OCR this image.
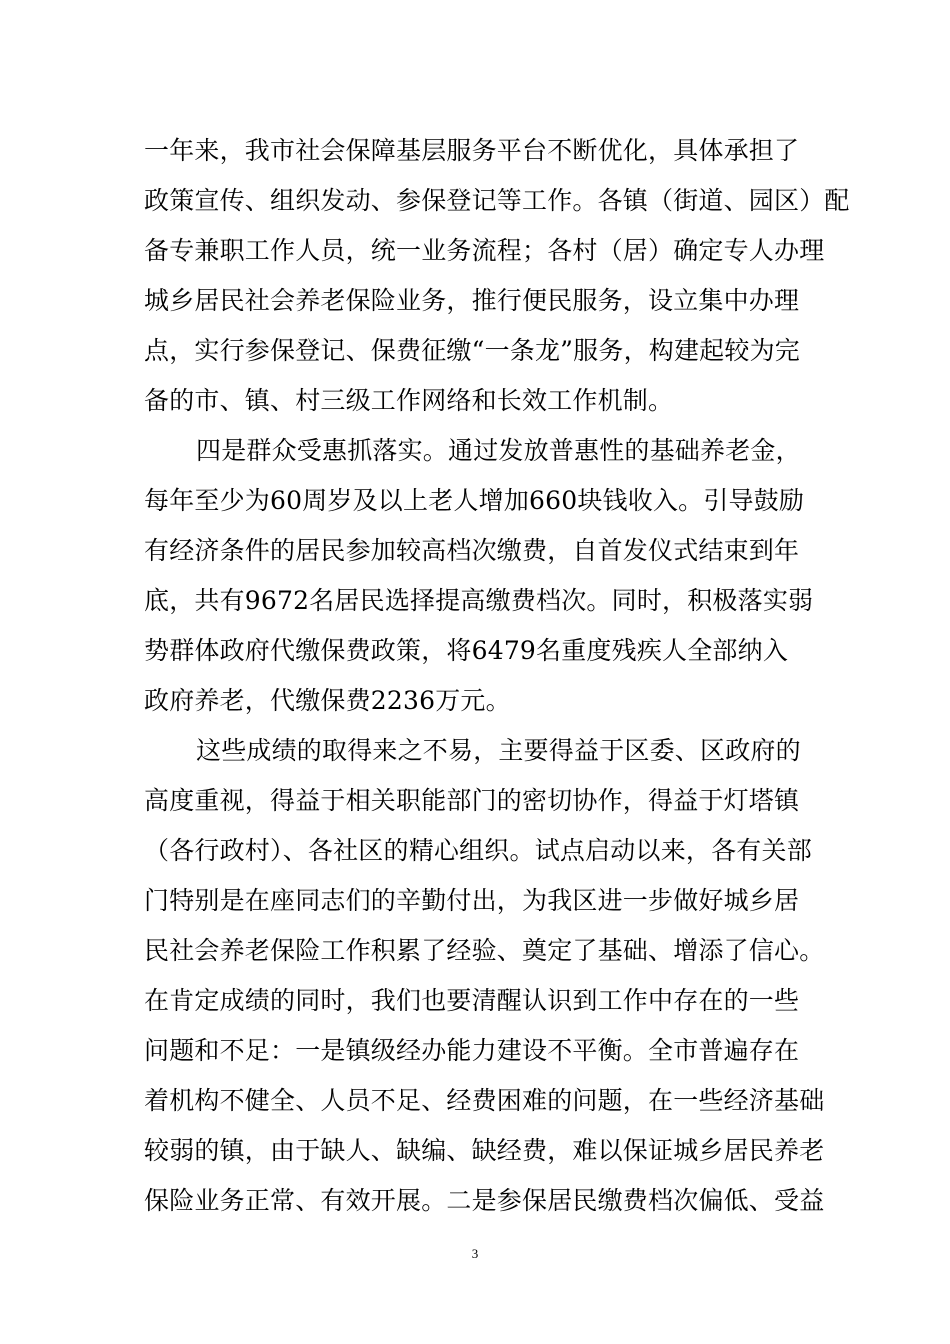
一年来，我市社会保障基层服务平台不断优化，具体承担了
政策宣传、组织发动、参保登记等工作。各镇（街道、园区）配
备专兼职工作人员，统一业务流程；各村（居）确定专人办理
城乡居民社会养老保险业务，推行便民服务，设立集中办理
点，实行参保登记、保费征缴“一条龙”服务，构建起较为完
备的市、镇、村三级工作网络和长效工作机制。
四是群众受惠抓落实。通过发放普惠性的基础养老金，
每年至少为60周岁及以上老人增加660块钱收入。引导鼓励
有经济条件的居民参加较高档次缴费，自首发仪式结束到年
底，共有9672名居民选择提高缴费档次。同时，积极落实弱
势群体政府代缴保费政策，将6479名重度残疾人全部纳入
政府养老，代缴保费2236万元。
这些成绩的取得来之不易，主要得益于区委、区政府的
高度重视，得益于相关职能部门的密切协作，得益于灯塔镇
（各行政村）、各社区的精心组织。试点启动以来，各有关部
门特别是在座同志们的辛勤付出，为我区进一步做好城乡居
民社会养老保险工作积累了经验、奠定了基础、增添了信心。
在肯定成绩的同时，我们也要清醒认识到工作中存在的一些
问题和不足：一是镇级经办能力建设不平衡。全市普遍存在
着机构不健全、人员不足、经费困难的问题，在一些经济基础
较弱的镇，由于缺人、缺编、缺经费，难以保证城乡居民养老
保险业务正常、有效开展。二是参保居民缴费档次偏低、受益
3
